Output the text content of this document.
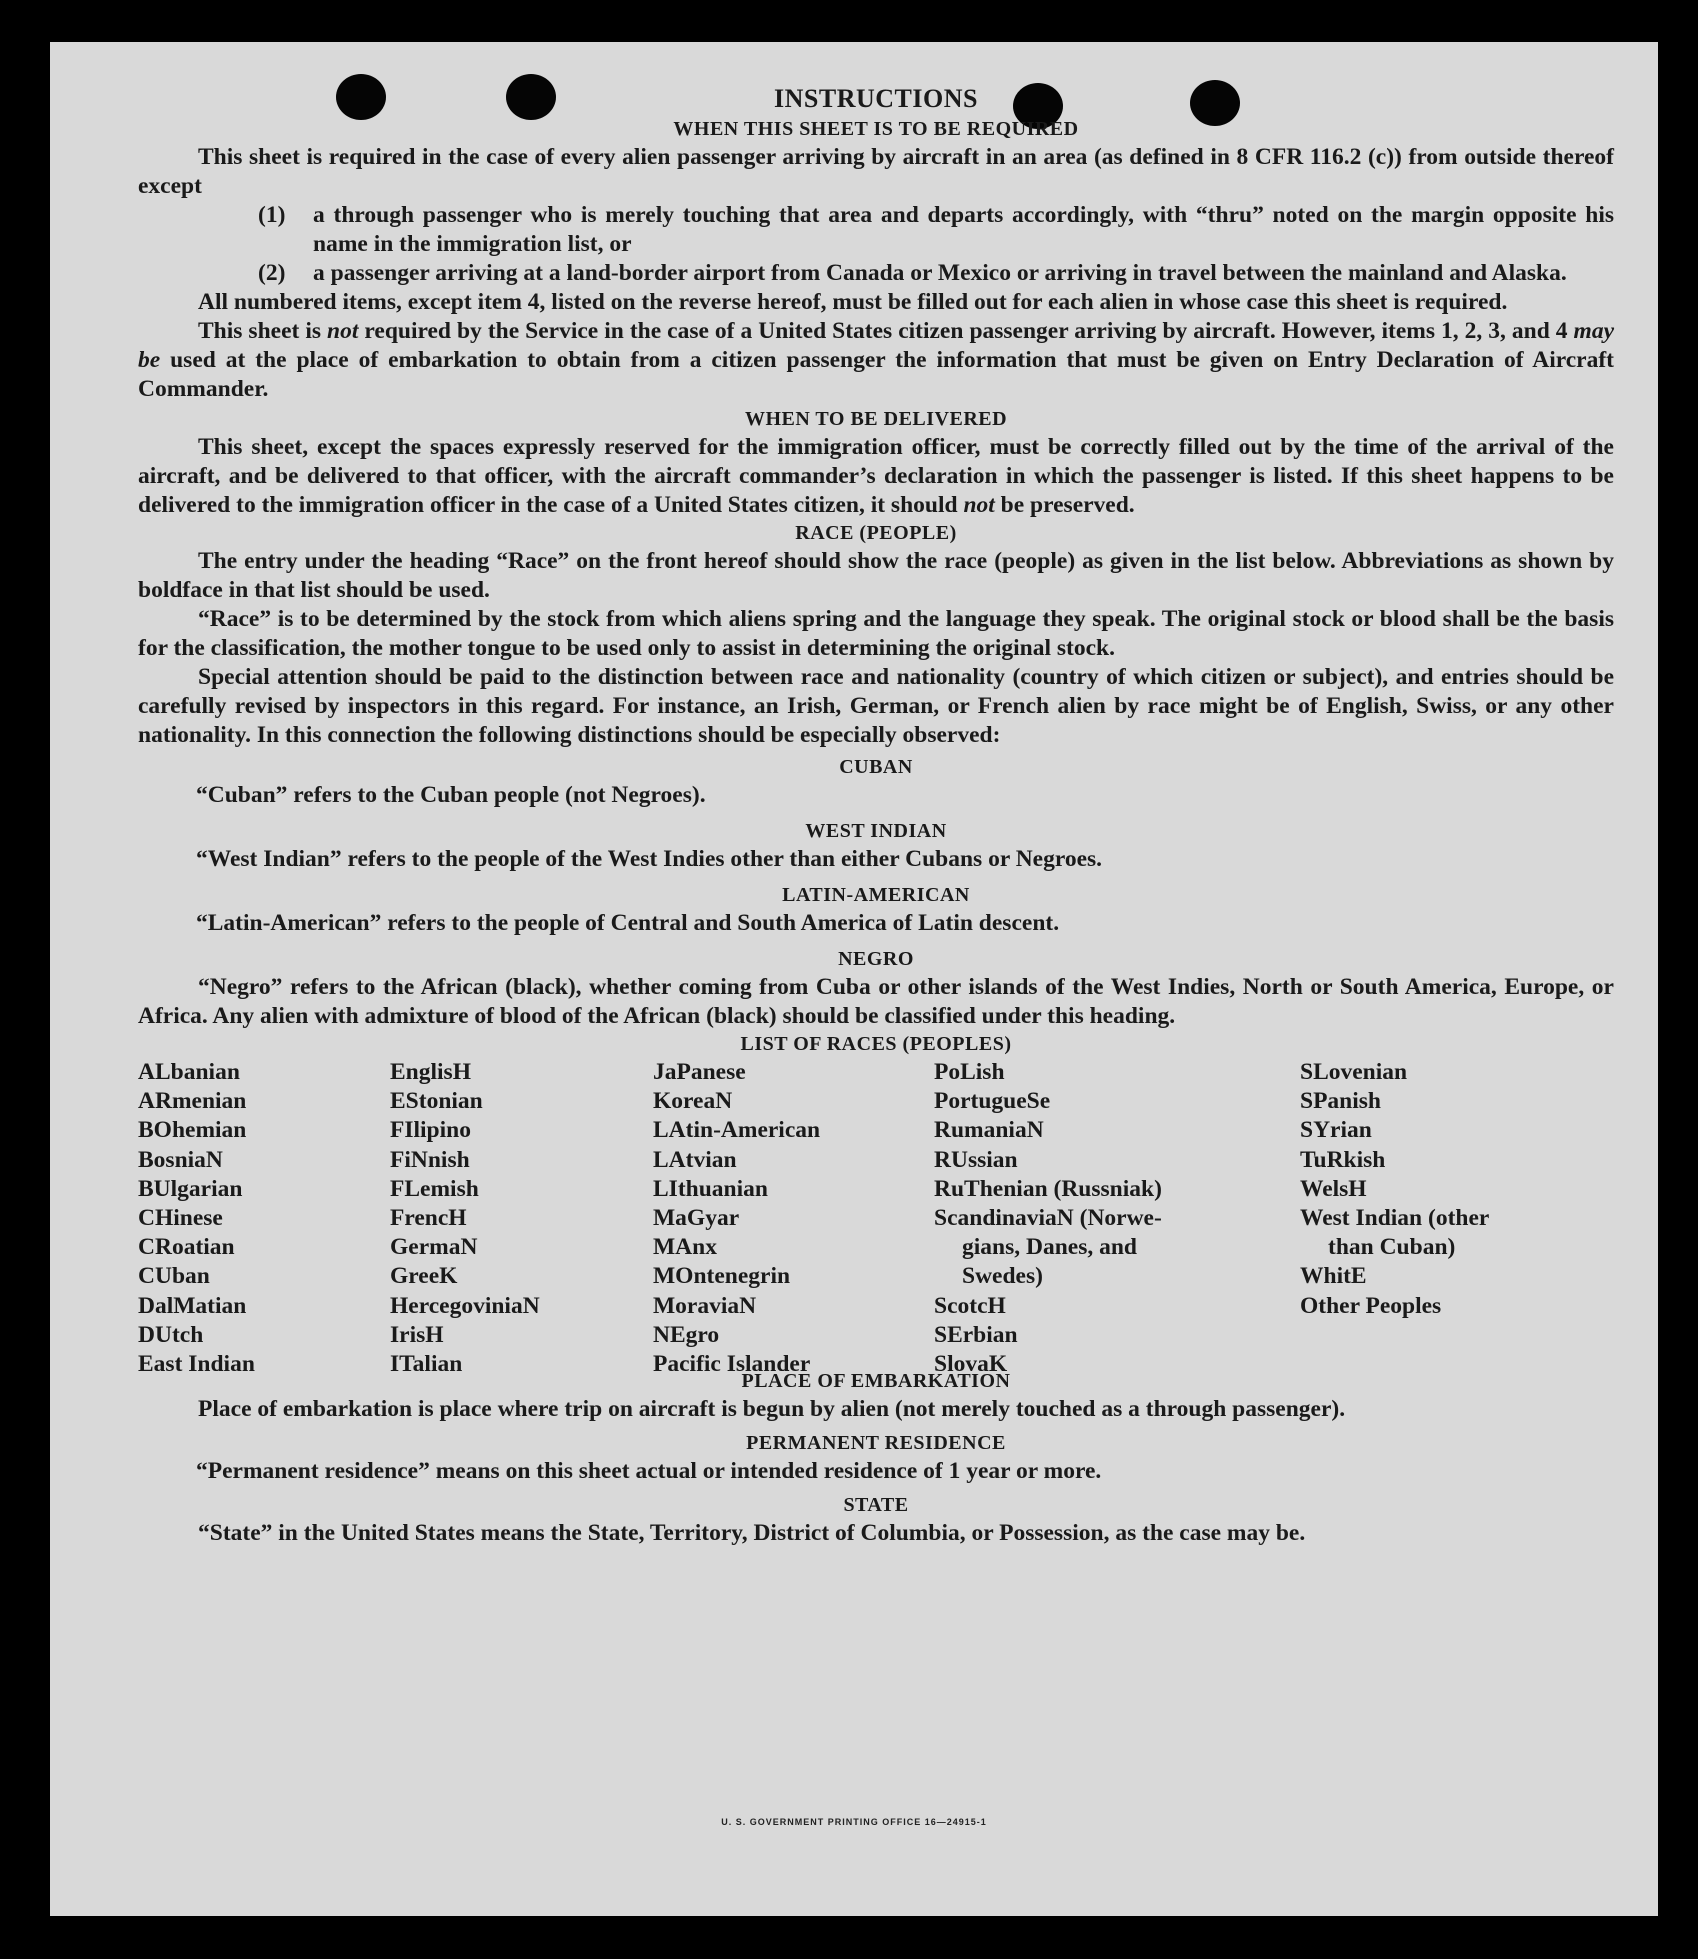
INSTRUCTIONS
WHEN THIS SHEET IS TO BE REQUIRED

This sheet is required in the case of every alien passenger arriving by aircraft in an area (as defined in 8 CFR 116.2 (c)) from outside thereof except

(1)	a through passenger who is merely touching that area and departs accordingly, with “thru” noted on the margin opposite his name in the immigration list, or
(2)	a passenger arriving at a land-border airport from Canada or Mexico or arriving in travel between the mainland and Alaska.

All numbered items, except item 4, listed on the reverse hereof, must be filled out for each alien in whose case this sheet is required.

This sheet is not required by the Service in the case of a United States citizen passenger arriving by aircraft. However, items 1, 2, 3, and 4 may be used at the place of embarkation to obtain from a citizen passenger the information that must be given on Entry Declaration of Aircraft Commander.

WHEN TO BE DELIVERED

This sheet, except the spaces expressly reserved for the immigration officer, must be correctly filled out by the time of the arrival of the aircraft, and be delivered to that officer, with the aircraft commander’s declaration in which the passenger is listed. If this sheet happens to be delivered to the immigration officer in the case of a United States citizen, it should not be preserved.

RACE (PEOPLE)

The entry under the heading “Race” on the front hereof should show the race (people) as given in the list below. Abbreviations as shown by boldface in that list should be used.

“Race” is to be determined by the stock from which aliens spring and the language they speak. The original stock or blood shall be the basis for the classification, the mother tongue to be used only to assist in determining the original stock.

Special attention should be paid to the distinction between race and nationality (country of which citizen or subject), and entries should be carefully revised by inspectors in this regard. For instance, an Irish, German, or French alien by race might be of English, Swiss, or any other nationality. In this connection the following distinctions should be especially observed:

CUBAN
“Cuban” refers to the Cuban people (not Negroes).
WEST INDIAN
“West Indian” refers to the people of the West Indies other than either Cubans or Negroes.
LATIN-AMERICAN
“Latin-American” refers to the people of Central and South America of Latin descent.
NEGRO

“Negro” refers to the African (black), whether coming from Cuba or other islands of the West Indies, North or South America, Europe, or Africa. Any alien with admixture of blood of the African (black) should be classified under this heading.

LIST OF RACES (PEOPLES)
ALbanian
ARmenian
BOhemian
BosniaN
BUlgarian
CHinese
CRoatian
CUban
DalMatian
DUtch
East Indian
EnglisH
EStonian
FIlipino
FiNnish
FLemish
FrencH
GermaN
GreeK
HercegoviniaN
IrisH
ITalian
JaPanese
KoreaN
LAtin-American
LAtvian
LIthuanian
MaGyar
MAnx
MOntenegrin
MoraviaN
NEgro
Pacific Islander
PoLish
PortugueSe
RumaniaN
RUssian
RuThenian (Russniak)
ScandinaviaN (Norwe-
gians, Danes, and
Swedes)
ScotcH
SErbian
SlovaK
SLovenian
SPanish
SYrian
TuRkish
WelsH
West Indian (other
than Cuban)
WhitE
Other Peoples
PLACE OF EMBARKATION

Place of embarkation is place where trip on aircraft is begun by alien (not merely touched as a through passenger).

PERMANENT RESIDENCE
“Permanent residence” means on this sheet actual or intended residence of 1 year or more.
STATE

“State” in the United States means the State, Territory, District of Columbia, or Possession, as the case may be.

U. S. GOVERNMENT PRINTING OFFICE 16—24915-1
